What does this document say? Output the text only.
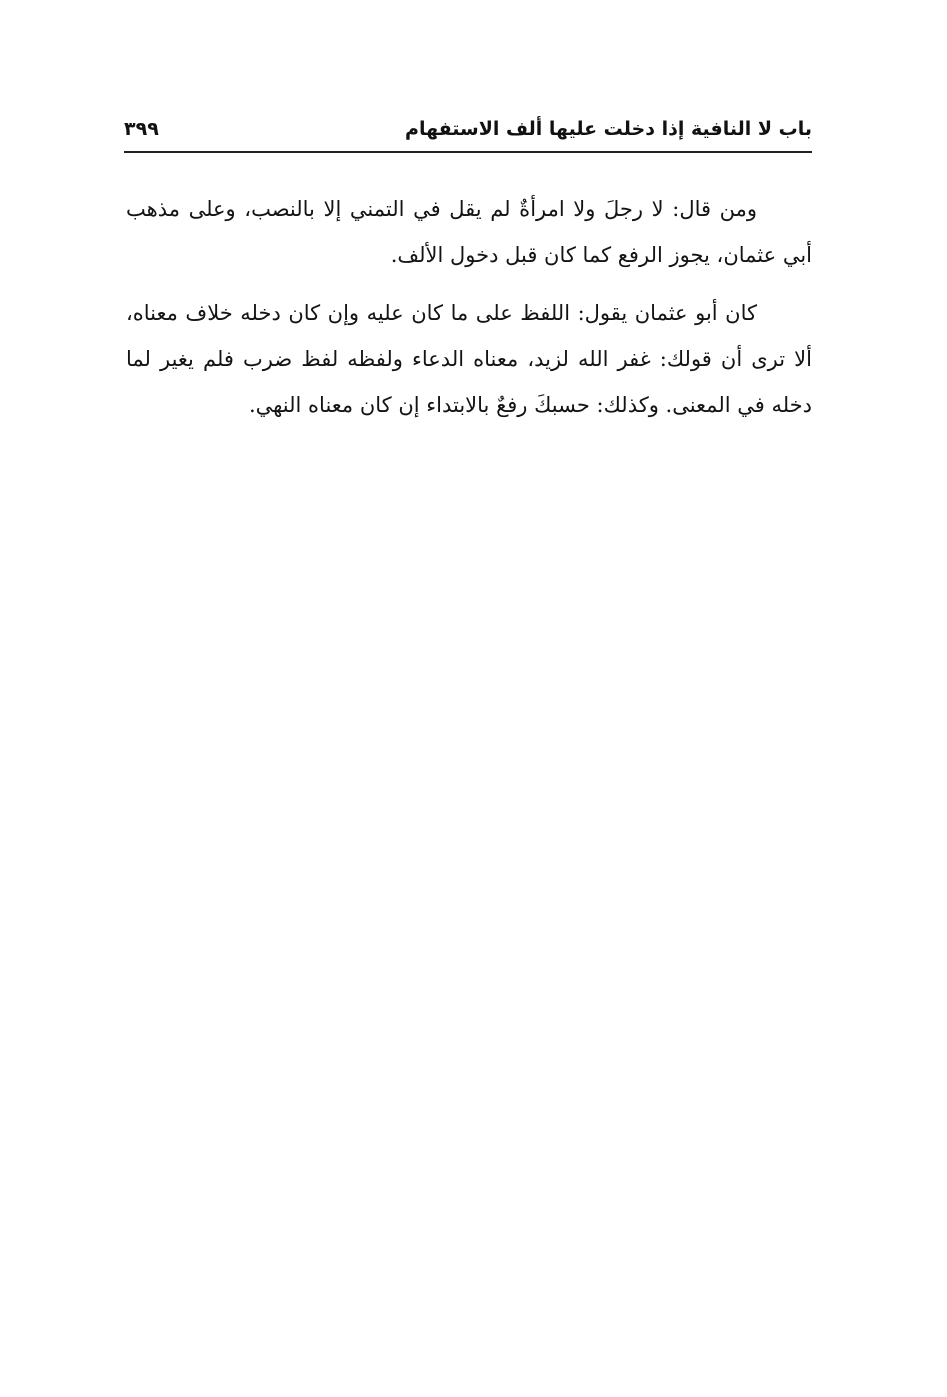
باب لا النافية إذا دخلت عليها ألف الاستفهام
٣٩٩

ومن قال: لا رجلَ ولا امرأةٌ لم يقل في التمني إلا بالنصب، وعلى مذهب أبي عثمان، يجوز الرفع كما كان قبل دخول الألف.

كان أبو عثمان يقول: اللفظ على ما كان عليه وإن كان دخله خلاف معناه، ألا ترى أن قولك: غفر الله لزيد، معناه الدعاء ولفظه لفظ ضرب فلم يغير لما دخله في المعنى. وكذلك: حسبكَ رفعٌ بالابتداء إن كان معناه النهي.
